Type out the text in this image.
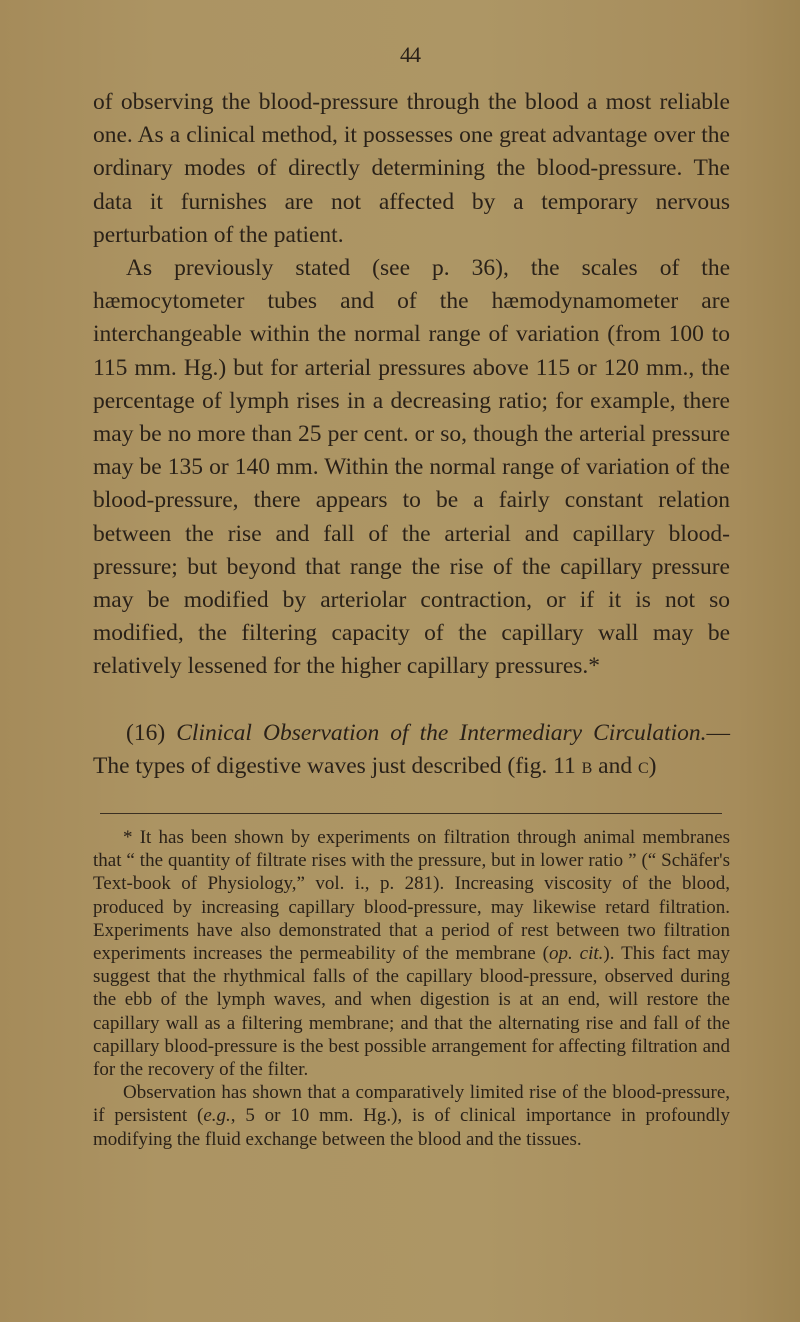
44

of observing the blood-pressure through the blood a most reliable one. As a clinical method, it possesses one great advantage over the ordinary modes of directly determining the blood-pressure. The data it furnishes are not affected by a temporary nervous perturbation of the patient.

As previously stated (see p. 36), the scales of the hæmocytometer tubes and of the hæmodynamometer are interchangeable within the normal range of variation (from 100 to 115 mm. Hg.) but for arterial pressures above 115 or 120 mm., the percentage of lymph rises in a decreasing ratio; for example, there may be no more than 25 per cent. or so, though the arterial pressure may be 135 or 140 mm. Within the normal range of variation of the blood-pressure, there appears to be a fairly constant relation between the rise and fall of the arterial and capillary blood-pressure; but beyond that range the rise of the capillary pressure may be modified by arteriolar contraction, or if it is not so modified, the filtering capacity of the capillary wall may be relatively lessened for the higher capillary pressures.*

(16) Clinical Observation of the Intermediary Circulation.— The types of digestive waves just described (fig. 11 b and c)

* It has been shown by experiments on filtration through animal membranes that “ the quantity of filtrate rises with the pressure, but in lower ratio ” (“ Schäfer's Text-book of Physiology,” vol. i., p. 281). Increasing viscosity of the blood, produced by increasing capillary blood-pressure, may likewise retard filtration. Experiments have also demonstrated that a period of rest between two filtration experiments increases the permeability of the membrane (op. cit.). This fact may suggest that the rhythmical falls of the capillary blood-pressure, observed during the ebb of the lymph waves, and when digestion is at an end, will restore the capillary wall as a filtering membrane; and that the alternating rise and fall of the capillary blood-pressure is the best possible arrangement for affecting filtration and for the recovery of the filter.

Observation has shown that a comparatively limited rise of the blood-pressure, if persistent (e.g., 5 or 10 mm. Hg.), is of clinical importance in profoundly modifying the fluid exchange between the blood and the tissues.
